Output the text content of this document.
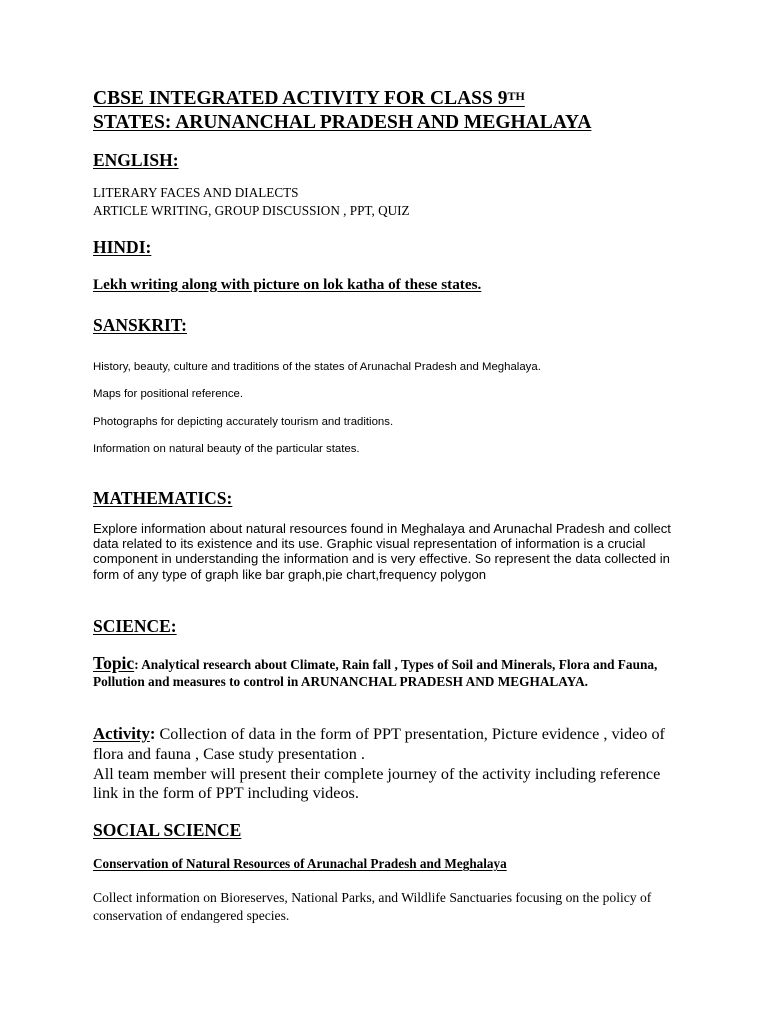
CBSE INTEGRATED ACTIVITY FOR CLASS 9TH
STATES: ARUNANCHAL PRADESH AND MEGHALAYA
ENGLISH:
LITERARY FACES AND DIALECTS
ARTICLE WRITING, GROUP DISCUSSION , PPT, QUIZ
HINDI:
Lekh writing along with picture on lok katha of these states.
SANSKRIT:
History, beauty, culture and traditions of the states of Arunachal Pradesh and Meghalaya.
Maps for positional reference.
Photographs for depicting accurately tourism and traditions.
Information on natural beauty of the particular states.
MATHEMATICS:
Explore information about natural resources found in Meghalaya and Arunachal Pradesh and collect data related to its existence and its use. Graphic visual representation of information is a crucial component in understanding the information and is very effective. So represent the data collected in form of any type of graph like bar graph,pie chart,frequency polygon
SCIENCE:
Topic: Analytical research about Climate, Rain fall , Types of Soil and Minerals, Flora and Fauna, Pollution and measures to control in ARUNANCHAL PRADESH AND MEGHALAYA.
Activity: Collection of data in the form of PPT presentation, Picture evidence , video of flora and fauna , Case study presentation .
All team member will present their complete journey of the activity including reference link in the form of PPT including videos.
SOCIAL SCIENCE
Conservation of Natural Resources of Arunachal Pradesh and Meghalaya
Collect information on Bioreserves, National Parks, and Wildlife Sanctuaries focusing on the policy of conservation of endangered species.
